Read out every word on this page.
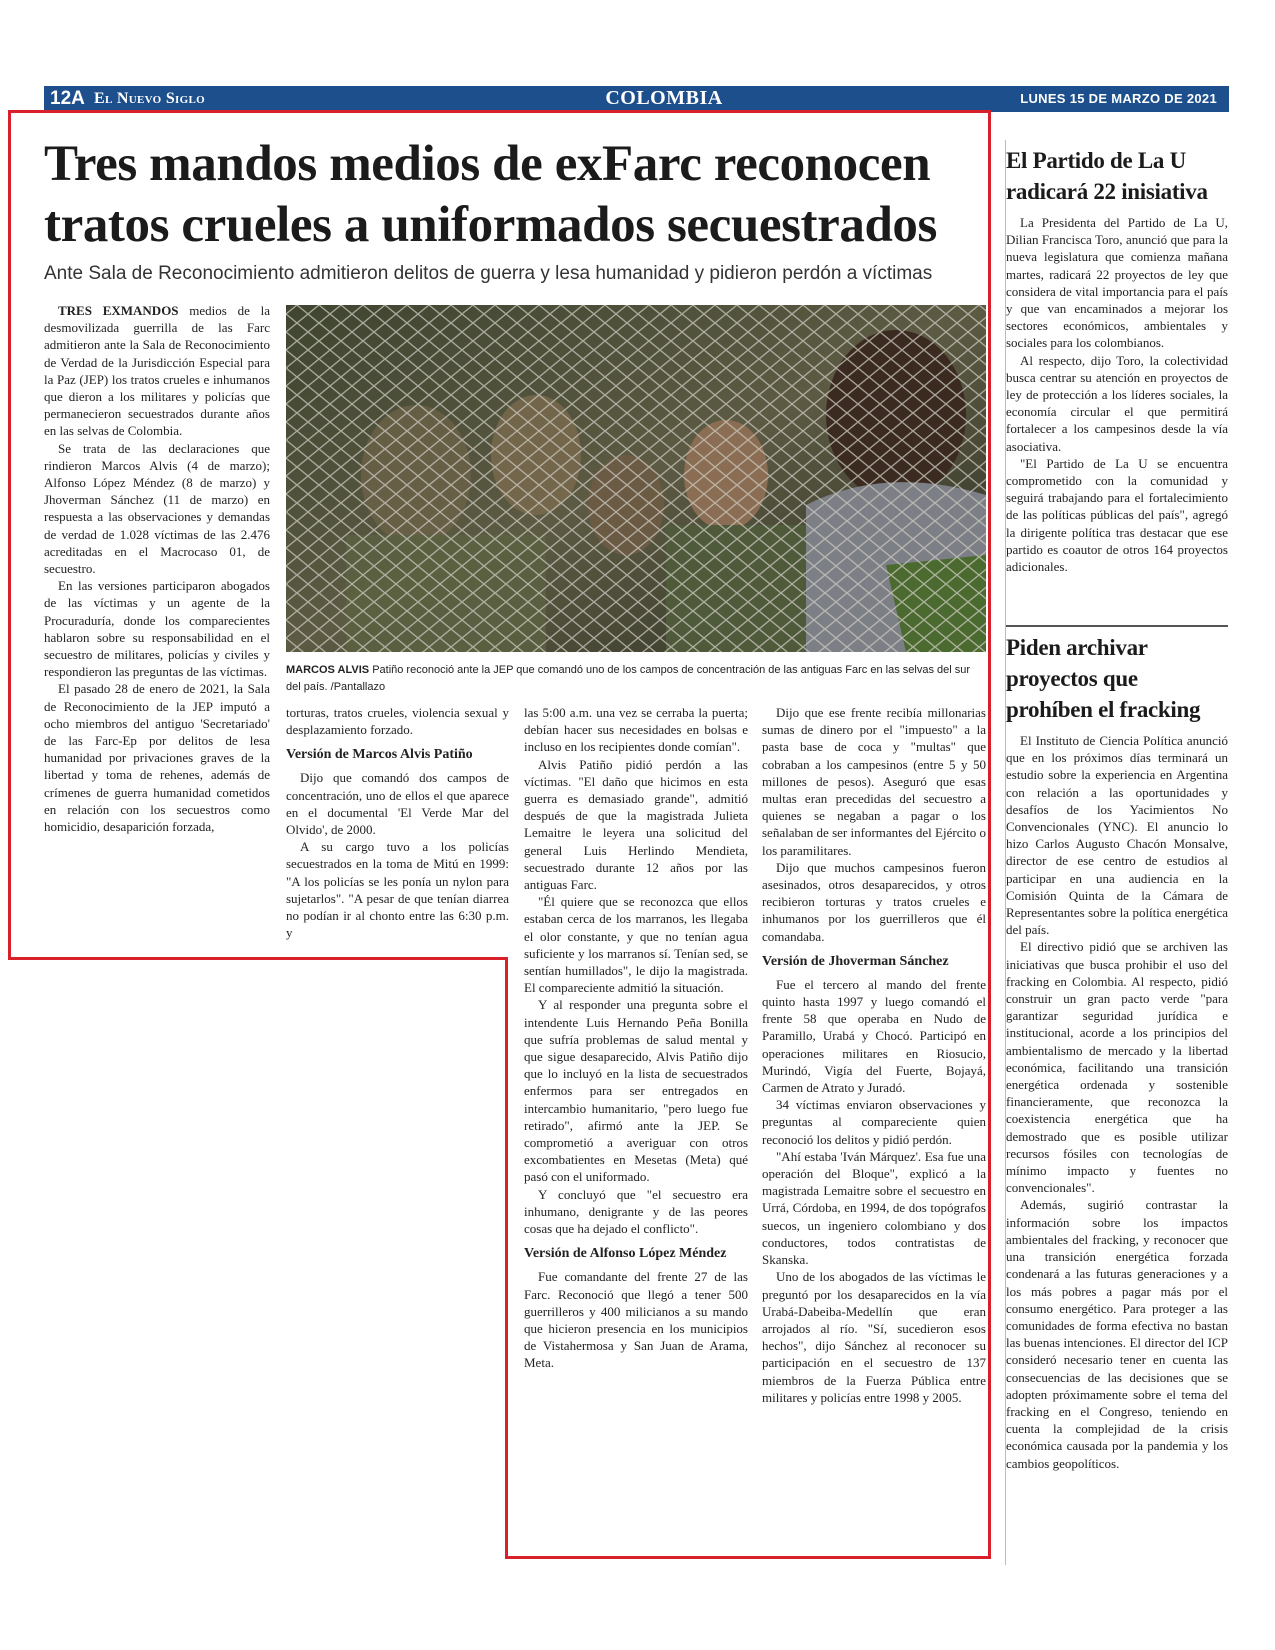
12A El Nuevo Siglo	COLOMBIA	LUNES 15 DE MARZO DE 2021
Tres mandos medios de exFarc reconocen tratos crueles a uniformados secuestrados
Ante Sala de Reconocimiento admitieron delitos de guerra y lesa humanidad y pidieron perdón a víctimas

TRES EXMANDOS medios de la desmovilizada guerrilla de las Farc admitieron ante la Sala de Reconocimiento de Verdad de la Jurisdicción Especial para la Paz (JEP) los tratos crueles e inhumanos que dieron a los militares y policías que permanecieron secuestrados durante años en las selvas de Colombia.

Se trata de las declaraciones que rindieron Marcos Alvis (4 de marzo); Alfonso López Méndez (8 de marzo) y Jhoverman Sánchez (11 de marzo) en respuesta a las observaciones y demandas de verdad de 1.028 víctimas de las 2.476 acreditadas en el Macrocaso 01, de secuestro.

En las versiones participaron abogados de las víctimas y un agente de la Procuraduría, donde los comparecientes hablaron sobre su responsabilidad en el secuestro de militares, policías y civiles y respondieron las preguntas de las víctimas.

El pasado 28 de enero de 2021, la Sala de Reconocimiento de la JEP imputó a ocho miembros del antiguo 'Secretariado' de las Farc-Ep por delitos de lesa humanidad por privaciones graves de la libertad y toma de rehenes, además de crímenes de guerra humanidad cometidos en relación con los secuestros como homicidio, desaparición forzada,

MARCOS ALVIS Patiño reconoció ante la JEP que comandó uno de los campos de concentración de las antiguas Farc en las selvas del sur del país. /Pantallazo

torturas, tratos crueles, violencia sexual y desplazamiento forzado.

Versión de Marcos Alvis Patiño

Dijo que comandó dos campos de concentración, uno de ellos el que aparece en el documental 'El Verde Mar del Olvido', de 2000.

A su cargo tuvo a los policías secuestrados en la toma de Mitú en 1999: "A los policías se les ponía un nylon para sujetarlos". "A pesar de que tenían diarrea no podían ir al chonto entre las 6:30 p.m. y

las 5:00 a.m. una vez se cerraba la puerta; debían hacer sus necesidades en bolsas e incluso en los recipientes donde comían".

Alvis Patiño pidió perdón a las víctimas. "El daño que hicimos en esta guerra es demasiado grande", admitió después de que la magistrada Julieta Lemaitre le leyera una solicitud del general Luis Herlindo Mendieta, secuestrado durante 12 años por las antiguas Farc.

"Él quiere que se reconozca que ellos estaban cerca de los marranos, les llegaba el olor constante, y que no tenían agua suficiente y los marranos sí. Tenían sed, se sentían humillados", le dijo la magistrada. El compareciente admitió la situación.

Y al responder una pregunta sobre el intendente Luis Hernando Peña Bonilla que sufría problemas de salud mental y que sigue desaparecido, Alvis Patiño dijo que lo incluyó en la lista de secuestrados enfermos para ser entregados en intercambio humanitario, "pero luego fue retirado", afirmó ante la JEP. Se comprometió a averiguar con otros excombatientes en Mesetas (Meta) qué pasó con el uniformado.

Y concluyó que "el secuestro era inhumano, denigrante y de las peores cosas que ha dejado el conflicto".

Versión de Alfonso López Méndez

Fue comandante del frente 27 de las Farc. Reconoció que llegó a tener 500 guerrilleros y 400 milicianos a su mando que hicieron presencia en los municipios de Vistahermosa y San Juan de Arama, Meta.

Dijo que ese frente recibía millonarias sumas de dinero por el "impuesto" a la pasta base de coca y "multas" que cobraban a los campesinos (entre 5 y 50 millones de pesos). Aseguró que esas multas eran precedidas del secuestro a quienes se negaban a pagar o los señalaban de ser informantes del Ejército o los paramilitares.

Dijo que muchos campesinos fueron asesinados, otros desaparecidos, y otros recibieron torturas y tratos crueles e inhumanos por los guerrilleros que él comandaba.

Versión de Jhoverman Sánchez

Fue el tercero al mando del frente quinto hasta 1997 y luego comandó el frente 58 que operaba en Nudo de Paramillo, Urabá y Chocó. Participó en operaciones militares en Riosucio, Murindó, Vigía del Fuerte, Bojayá, Carmen de Atrato y Juradó.

34 víctimas enviaron observaciones y preguntas al compareciente quien reconoció los delitos y pidió perdón.

"Ahí estaba 'Iván Márquez'. Esa fue una operación del Bloque", explicó a la magistrada Lemaitre sobre el secuestro en Urrá, Córdoba, en 1994, de dos topógrafos suecos, un ingeniero colombiano y dos conductores, todos contratistas de Skanska.

Uno de los abogados de las víctimas le preguntó por los desaparecidos en la vía Urabá-Dabeiba-Medellín que eran arrojados al río. "Sí, sucedieron esos hechos", dijo Sánchez al reconocer su participación en el secuestro de 137 miembros de la Fuerza Pública entre militares y policías entre 1998 y 2005.

El Partido de La U radicará 22 inisiativa

La Presidenta del Partido de La U, Dilian Francisca Toro, anunció que para la nueva legislatura que comienza mañana martes, radicará 22 proyectos de ley que considera de vital importancia para el país y que van encaminados a mejorar los sectores económicos, ambientales y sociales para los colombianos.

Al respecto, dijo Toro, la colectividad busca centrar su atención en proyectos de ley de protección a los líderes sociales, la economía circular el que permitirá fortalecer a los campesinos desde la vía asociativa.

"El Partido de La U se encuentra comprometido con la comunidad y seguirá trabajando para el fortalecimiento de las políticas públicas del país", agregó la dirigente política tras destacar que ese partido es coautor de otros 164 proyectos adicionales.

Piden archivar proyectos que prohíben el fracking

El Instituto de Ciencia Política anunció que en los próximos días terminará un estudio sobre la experiencia en Argentina con relación a las oportunidades y desafíos de los Yacimientos No Convencionales (YNC). El anuncio lo hizo Carlos Augusto Chacón Monsalve, director de ese centro de estudios al participar en una audiencia en la Comisión Quinta de la Cámara de Representantes sobre la política energética del país.

El directivo pidió que se archiven las iniciativas que busca prohibir el uso del fracking en Colombia. Al respecto, pidió construir un gran pacto verde "para garantizar seguridad jurídica e institucional, acorde a los principios del ambientalismo de mercado y la libertad económica, facilitando una transición energética ordenada y sostenible financieramente, que reconozca la coexistencia energética que ha demostrado que es posible utilizar recursos fósiles con tecnologías de mínimo impacto y fuentes no convencionales".

Además, sugirió contrastar la información sobre los impactos ambientales del fracking, y reconocer que una transición energética forzada condenará a las futuras generaciones y a los más pobres a pagar más por el consumo energético. Para proteger a las comunidades de forma efectiva no bastan las buenas intenciones. El director del ICP consideró necesario tener en cuenta las consecuencias de las decisiones que se adopten próximamente sobre el tema del fracking en el Congreso, teniendo en cuenta la complejidad de la crisis económica causada por la pandemia y los cambios geopolíticos.
